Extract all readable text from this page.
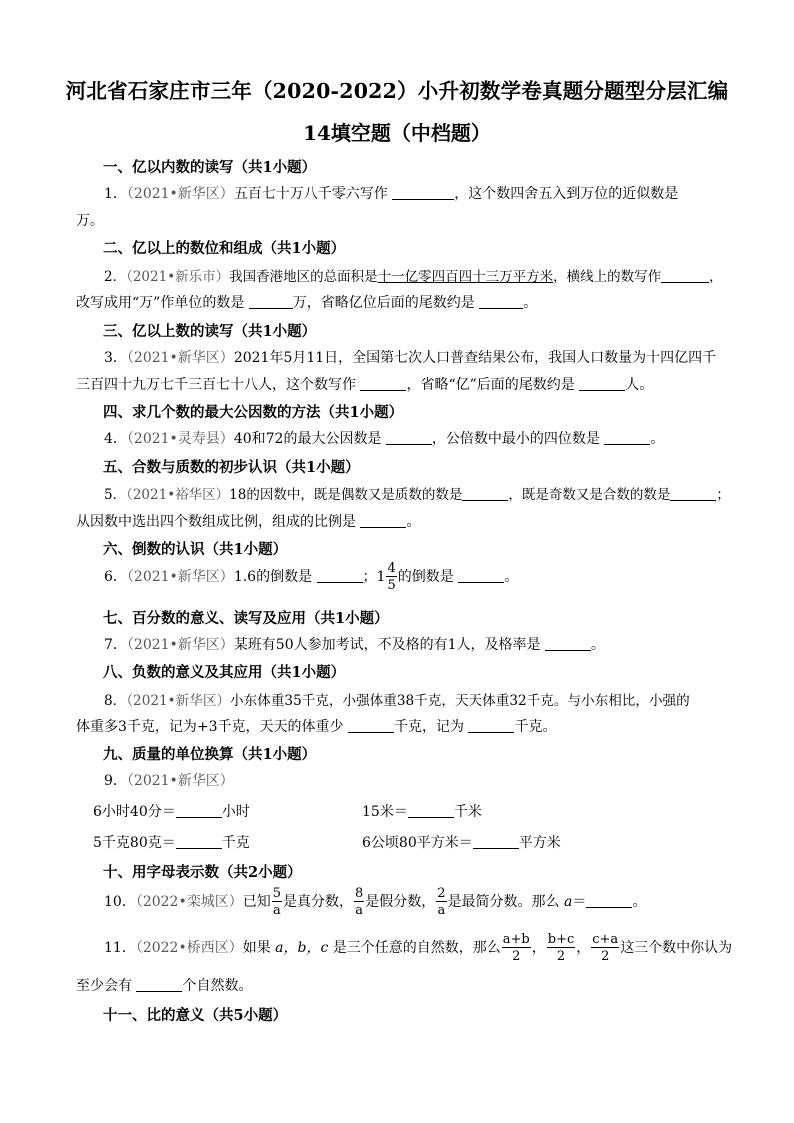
河北省石家庄市三年（2020-2022）小升初数学卷真题分题型分层汇编
14填空题（中档题）
一、亿以内数的读写（共1小题）
1．（2021•新华区）五百七十万八千零六写作	，这个数四舍五入到万位的近似数是
万。
二、亿以上的数位和组成（共1小题）
2．（2021•新乐市）我国香港地区的总面积是十一亿零四百四十三万平方米，横线上的数写作	，
改写成用“万”作单位的数是	万，省略亿位后面的尾数约是	。
三、亿以上数的读写（共1小题）
3．（2021•新华区）2021年5月11日，全国第七次人口普查结果公布，我国人口数量为十四亿四千
三百四十九万七千三百七十八人，这个数写作	，省略“亿”后面的尾数约是	人。
四、求几个数的最大公因数的方法（共1小题）
4．（2021•灵寿县）40和72的最大公因数是	，公倍数中最小的四位数是	。
五、合数与质数的初步认识（共1小题）
5．（2021•裕华区）18的因数中，既是偶数又是质数的数是	，既是奇数又是合数的数是	；
从因数中选出四个数组成比例，组成的比例是	。
六、倒数的认识（共1小题）
6．（2021•新华区）1.6的倒数是	；$1 \frac{4}{5}$ 的倒数是	。
七、百分数的意义、读写及应用（共1小题）
7．（2021•新华区）某班有50人参加考试，不及格的有1人，及格率是	。
八、负数的意义及其应用（共1小题）
8．（2021•新华区）小东体重35千克，小强体重38千克，天天体重32千克。与小东相比，小强的
体重多3千克，记为+3千克，天天的体重少	千克，记为	千克。
九、质量的单位换算（共1小题）
9．（2021•新华区）
6小时40分＝	小时	15米＝	千米
5千克80克＝	千克	6公顷80平方米＝	平方米
十、用字母表示数（共2小题）
10．（2022•栾城区）已知 $\frac{5}{a}$ 是真分数， $\frac{8}{a}$ 是假分数， $\frac{2}{a}$ 是最简分数。那么 a＝	。
11．（2022•桥西区）如果 a，b，c 是三个任意的自然数，那么 $\frac{a+b}{2}$ ， $\frac{b+c}{2}$ ， $\frac{c+a}{2}$ 这三个数中你认为
至少会有	个自然数。
十一、比的意义（共5小题）
